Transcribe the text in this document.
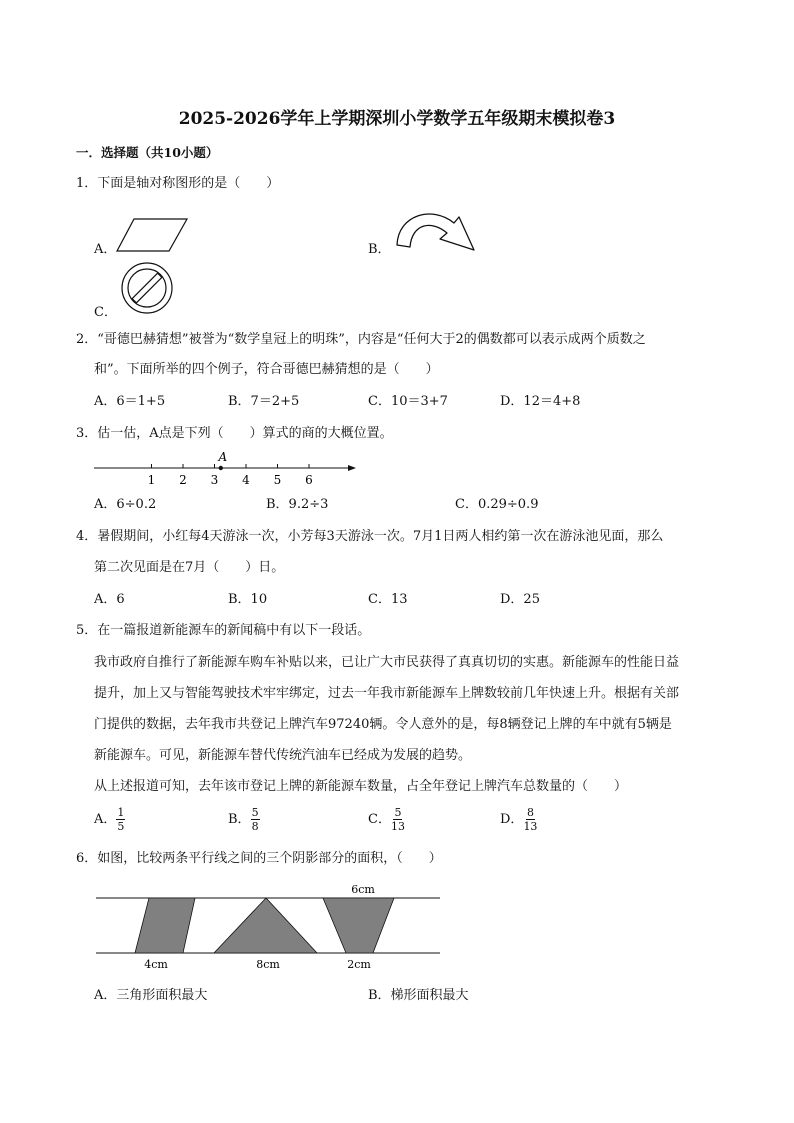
2025-2026学年上学期深圳小学数学五年级期末模拟卷3
一．选择题（共10小题）
1．下面是轴对称图形的是（　　）
A．	B．
C．
2．“哥德巴赫猜想”被誉为“数学皇冠上的明珠”，内容是“任何大于2的偶数都可以表示成两个质数之
和”。下面所举的四个例子，符合哥德巴赫猜想的是（　　）
A．6＝1+5	B．7＝2+5	C．10＝3+7	D．12＝4+8
3．估一估，A点是下列（　　）算式的商的大概位置。
1 2 3 4 5 6
A
A．6÷0.2	B．9.2÷3	C．0.29÷0.9
4．暑假期间，小红每4天游泳一次，小芳每3天游泳一次。7月1日两人相约第一次在游泳池见面，那么
第二次见面是在7月（　　）日。
A．6	B．10	C．13	D．25
5．在一篇报道新能源车的新闻稿中有以下一段话。
我市政府自推行了新能源车购车补贴以来，已让广大市民获得了真真切切的实惠。新能源车的性能日益
提升，加上又与智能驾驶技术牢牢绑定，过去一年我市新能源车上牌数较前几年快速上升。根据有关部
门提供的数据，去年我市共登记上牌汽车97240辆。令人意外的是，每8辆登记上牌的车中就有5辆是
新能源车。可见，新能源车替代传统汽油车已经成为发展的趋势。
从上述报道可知，去年该市登记上牌的新能源车数量，占全年登记上牌汽车总数量的（　　）
A． $\frac{1}{5}$	B． $\frac{5}{8}$	C． $\frac{5}{13}$	D． $\frac{8}{13}$
6．如图，比较两条平行线之间的三个阴影部分的面积，（　　）
6cm
4cm	8cm	2cm
A．三角形面积最大	B．梯形面积最大
